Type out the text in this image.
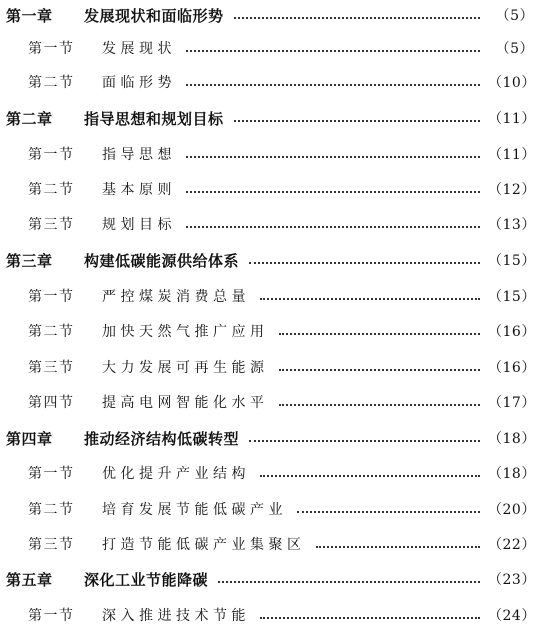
第一章	发展现状和面临形势	（5）
第一节	发展现状	（5）
第二节	面临形势	（10）
第二章	指导思想和规划目标	（11）
第一节	指导思想	（11）
第二节	基本原则	（12）
第三节	规划目标	（13）
第三章	构建低碳能源供给体系	（15）
第一节	严控煤炭消费总量	（15）
第二节	加快天然气推广应用	（16）
第三节	大力发展可再生能源	（16）
第四节	提高电网智能化水平	（17）
第四章	推动经济结构低碳转型	（18）
第一节	优化提升产业结构	（18）
第二节	培育发展节能低碳产业	（20）
第三节	打造节能低碳产业集聚区	（22）
第五章	深化工业节能降碳	（23）
第一节	深入推进技术节能	（24）
